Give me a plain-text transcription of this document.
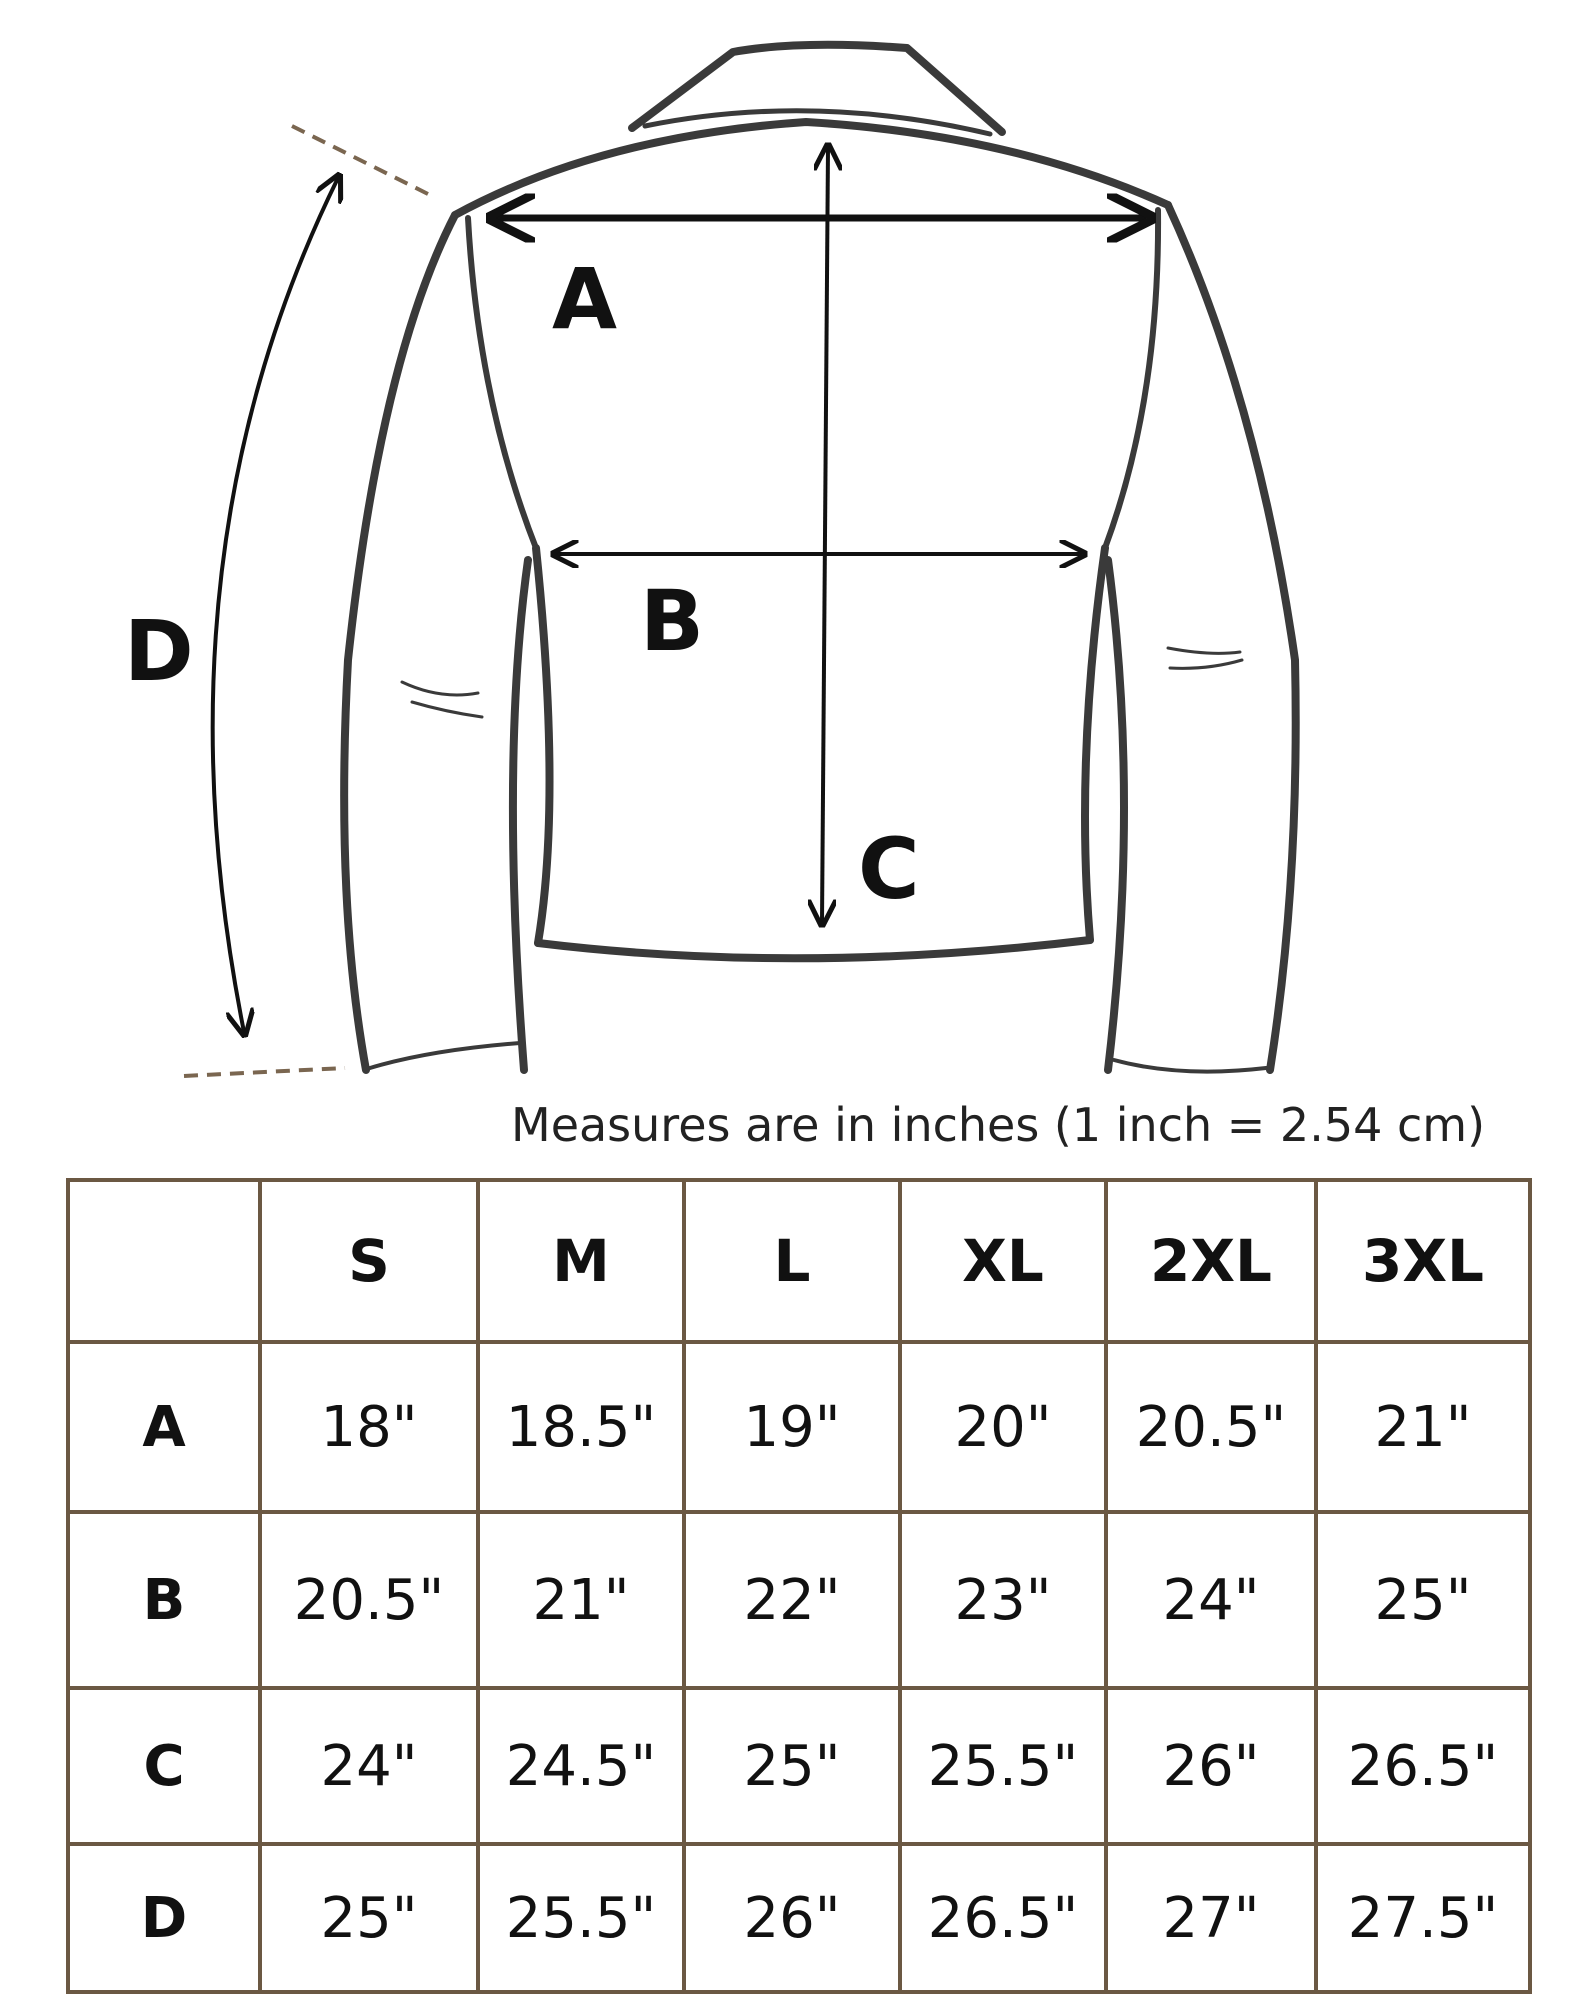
A
B
C
D
Measures are in inches (1 inch = 2.54 cm)
	S	M	L	XL	2XL	3XL
A	18"	18.5"	19"	20"	20.5"	21"
B	20.5"	21"	22"	23"	24"	25"
C	24"	24.5"	25"	25.5"	26"	26.5"
D	25"	25.5"	26"	26.5"	27"	27.5"
